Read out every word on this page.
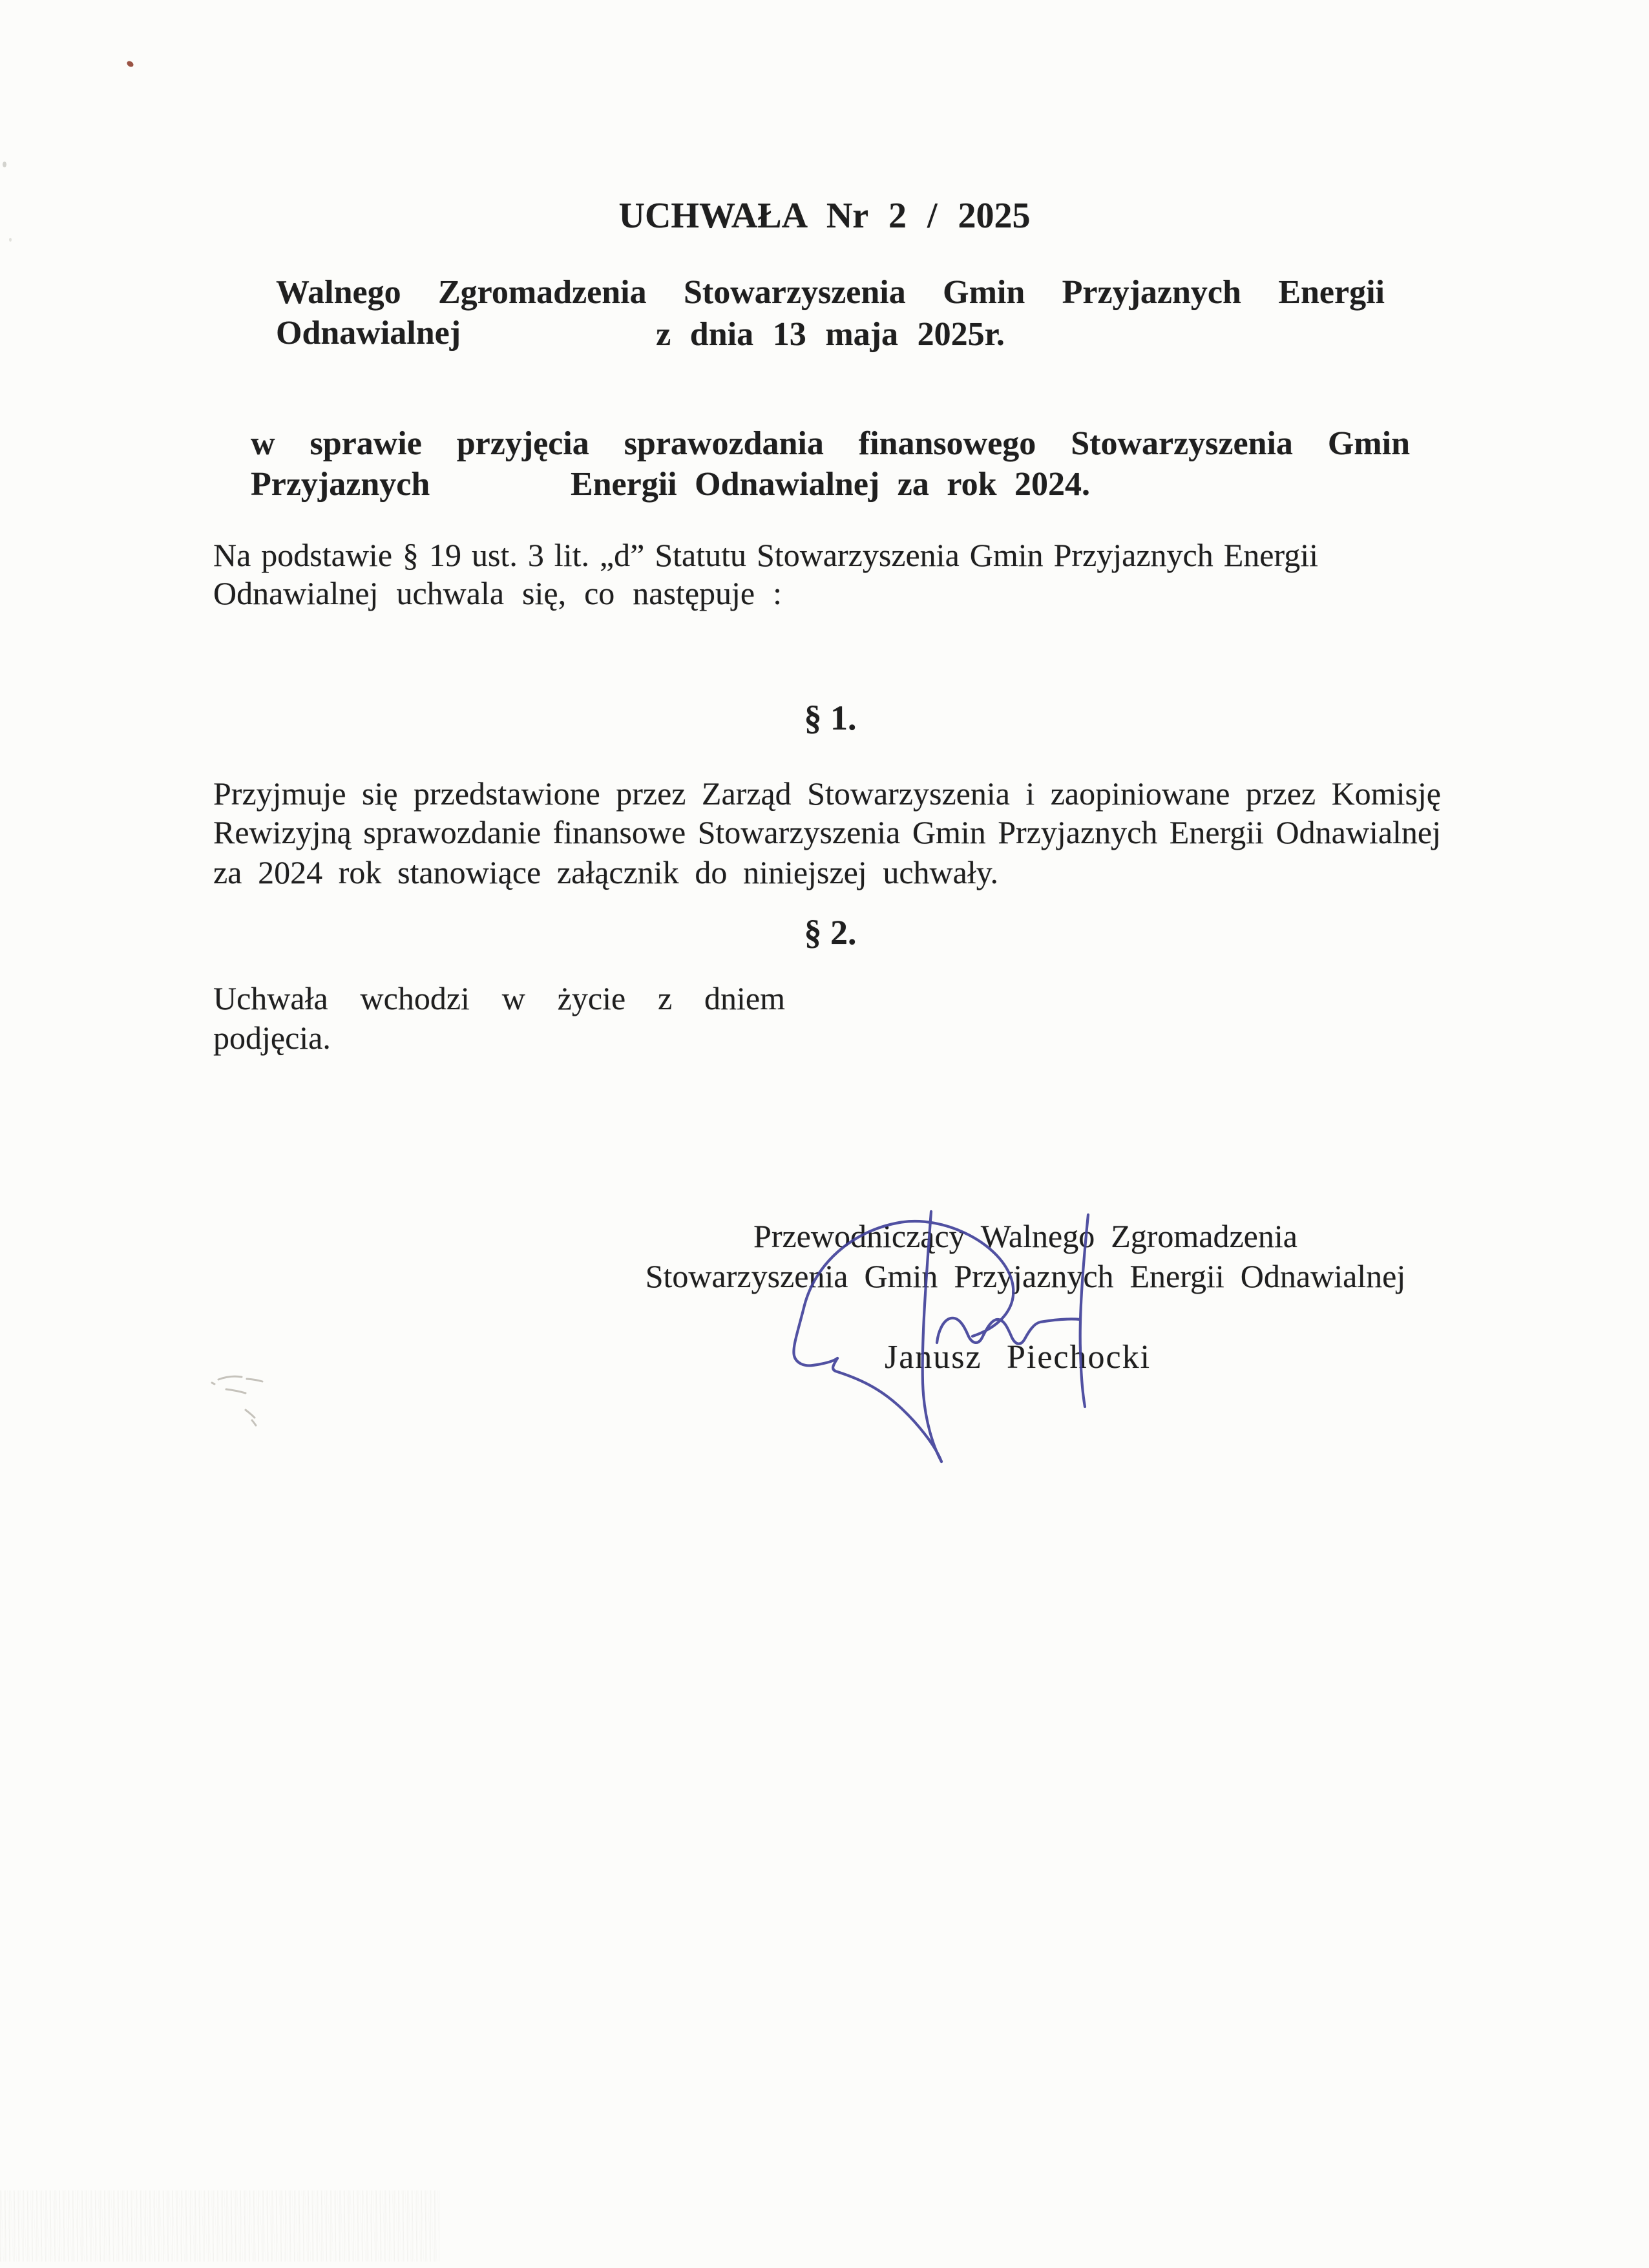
UCHWAŁA Nr 2 / 2025
Walnego Zgromadzenia Stowarzyszenia Gmin Przyjaznych Energii Odnawialnej	z dnia 13 maja 2025r.
w sprawie przyjęcia sprawozdania finansowego Stowarzyszenia Gmin Przyjaznych	Energii Odnawialnej za rok 2024.
Na podstawie § 19 ust. 3 lit. „d” Statutu Stowarzyszenia Gmin Przyjaznych Energii
Odnawialnej uchwala się, co następuje :
§ 1.
Przyjmuje się przedstawione przez Zarząd Stowarzyszenia i zaopiniowane przez Komisję
Rewizyjną sprawozdanie finansowe Stowarzyszenia Gmin Przyjaznych Energii Odnawialnej
za 2024 rok stanowiące załącznik do niniejszej uchwały.
§ 2.
Uchwała wchodzi w życie z dniem podjęcia.
Przewodniczący Walnego Zgromadzenia
Stowarzyszenia Gmin Przyjaznych Energii Odnawialnej
Janusz Piechocki
